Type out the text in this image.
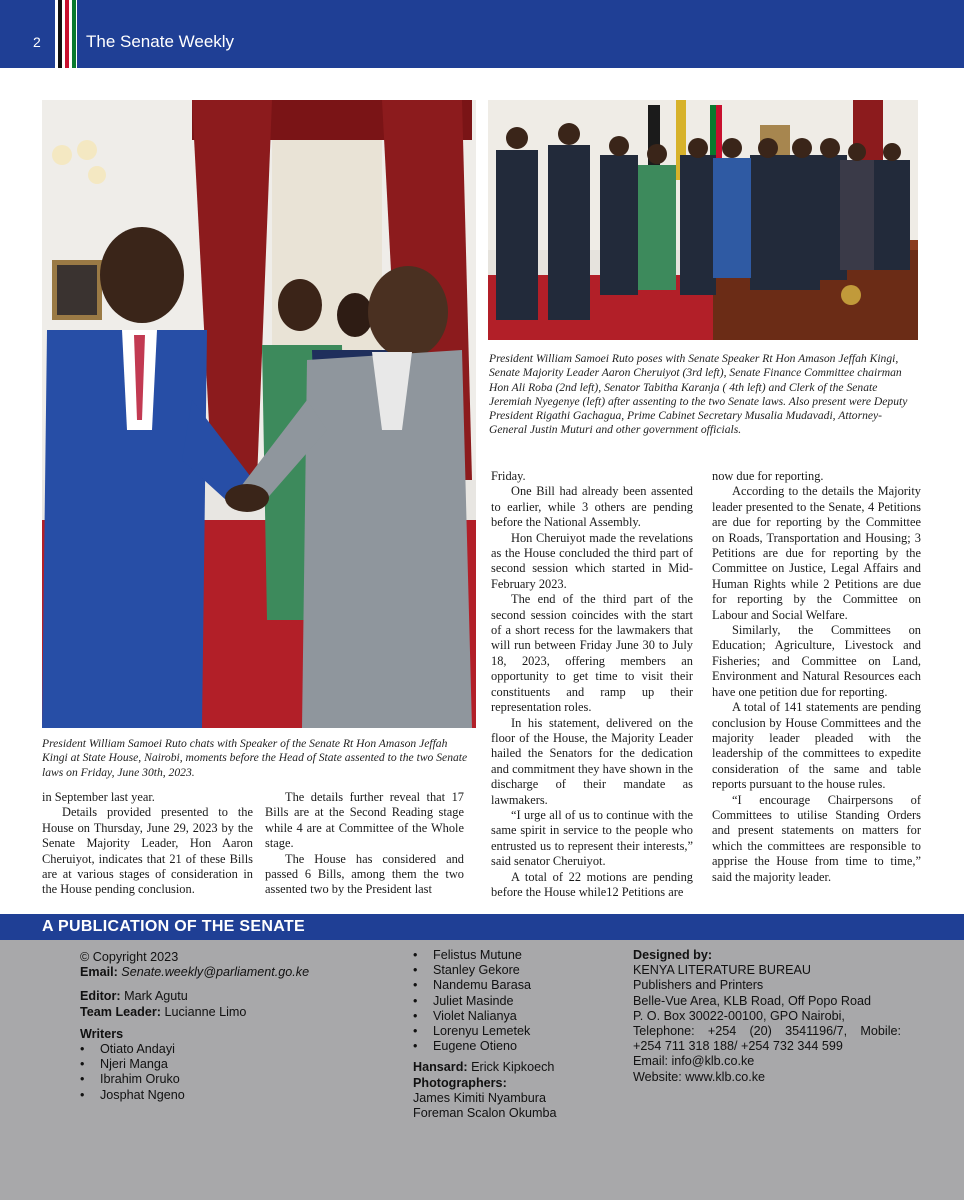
2	The Senate Weekly
President William Samoei Ruto poses with Senate Speaker Rt Hon Amason Jeffah Kingi, Senate Majority Leader Aaron Cheruiyot (3rd left), Senate Finance Committee chairman Hon Ali Roba (2nd left), Senator Tabitha Karanja ( 4th left) and Clerk of the Senate Jeremiah Nyegenye (left) after assenting to the two Senate laws. Also present were Deputy President Rigathi Gachagua, Prime Cabinet Secretary Musalia Mudavadi, Attorney-General Justin Muturi and other government officials.
President William Samoei Ruto chats with Speaker of the Senate Rt Hon Amason Jeffah Kingi at State House, Nairobi, moments before the Head of State assented to the two Senate laws on Friday, June 30th, 2023.

in September last year.

Details provided presented to the House on Thursday, June 29, 2023 by the Senate Majority Leader, Hon Aaron Cheruiyot, indicates that 21 of these Bills are at various stages of consideration in the House pending conclusion.

The details further reveal that 17 Bills are at the Second Reading stage while 4 are at Committee of the Whole stage.

The House has considered and passed 6 Bills, among them the two assented two by the President last

Friday.

One Bill had already been assented to earlier, while 3 others are pending before the National Assembly.

Hon Cheruiyot made the revelations as the House concluded the third part of second session which started in Mid-February 2023.

The end of the third part of the second session coincides with the start of a short recess for the lawmakers that will run between Friday June 30 to July 18, 2023, offering members an opportunity to get time to visit their constituents and ramp up their representation roles.

In his statement, delivered on the floor of the House, the Majority Leader hailed the Senators for the dedication and commitment they have shown in the discharge of their mandate as lawmakers.

“I urge all of us to continue with the same spirit in service to the people who entrusted us to represent their interests,” said senator Cheruiyot.

A total of 22 motions are pending before the House while12 Petitions are

now due for reporting.

According to the details the Majority leader presented to the Senate, 4 Petitions are due for reporting by the Committee on Roads, Transportation and Housing; 3 Petitions are due for reporting by the Committee on Justice, Legal Affairs and Human Rights while 2 Petitions are due for reporting by the Committee on Labour and Social Welfare.

Similarly, the Committees on Education; Agriculture, Livestock and Fisheries; and Committee on Land, Environment and Natural Resources each have one petition due for reporting.

A total of 141 statements are pending conclusion by House Committees and the majority leader pleaded with the leadership of the committees to expedite consideration of the same and table reports pursuant to the house rules.

“I encourage Chairpersons of Committees to utilise Standing Orders and present statements on matters for which the committees are responsible to apprise the House from time to time,” said the majority leader.

A PUBLICATION OF THE SENATE
© Copyright 2023
Email: Senate.weekly@parliament.go.ke
Editor: Mark Agutu
Team Leader: Lucianne Limo
Writers
• Otiato Andayi
• Njeri Manga
• Ibrahim Oruko
• Josphat Ngeno
• Felistus Mutune
• Stanley Gekore
• Nandemu Barasa
• Juliet Masinde
• Violet Nalianya
• Lorenyu Lemetek
• Eugene Otieno
Hansard: Erick Kipkoech
Photographers:
James Kimiti Nyambura
Foreman Scalon Okumba
Designed by:
KENYA LITERATURE BUREAU
Publishers and Printers
Belle-Vue Area, KLB Road, Off Popo Road
P. O. Box 30022-00100, GPO Nairobi,
Telephone: +254 (20) 3541196/7, Mobile:
+254 711 318 188/ +254 732 344 599
Email: info@klb.co.ke
Website: www.klb.co.ke
